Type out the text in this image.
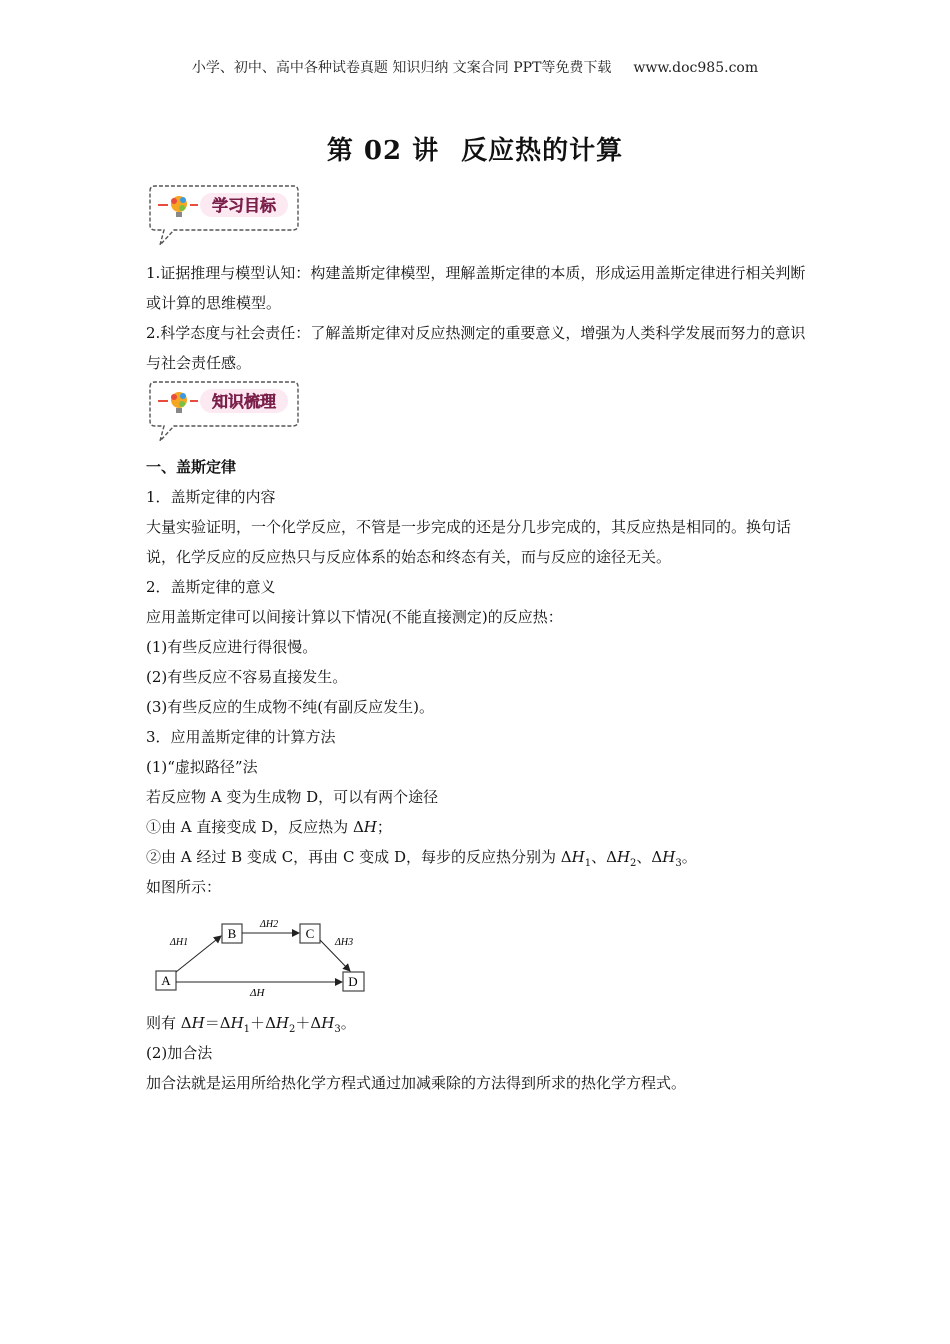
小学、初中、高中各种试卷真题 知识归纳 文案合同 PPT等免费下载 www.doc985.com
第 02 讲 反应热的计算
学习目标

1.证据推理与模型认知：构建盖斯定律模型，理解盖斯定律的本质，形成运用盖斯定律进行相关判断或计算的思维模型。

2.科学态度与社会责任：了解盖斯定律对反应热测定的重要意义，增强为人类科学发展而努力的意识与社会责任感。

知识梳理

一、盖斯定律

1．盖斯定律的内容

大量实验证明，一个化学反应，不管是一步完成的还是分几步完成的，其反应热是相同的。换句话说，化学反应的反应热只与反应体系的始态和终态有关，而与反应的途径无关。

2．盖斯定律的意义

应用盖斯定律可以间接计算以下情况(不能直接测定)的反应热：

(1)有些反应进行得很慢。

(2)有些反应不容易直接发生。

(3)有些反应的生成物不纯(有副反应发生)。

3．应用盖斯定律的计算方法

(1)“虚拟路径”法

若反应物 A 变为生成物 D，可以有两个途径

①由 A 直接变成 D，反应热为 ΔH；

②由 A 经过 B 变成 C，再由 C 变成 D，每步的反应热分别为 $\Delta H_1$、$\Delta H_2$、$\Delta H_3$。

如图所示：

A
B	C
D
ΔH1
ΔH2
ΔH3
ΔH

则有 $\Delta H=\Delta H_1+\Delta H_2+\Delta H_3$。

(2)加合法

加合法就是运用所给热化学方程式通过加减乘除的方法得到所求的热化学方程式。
